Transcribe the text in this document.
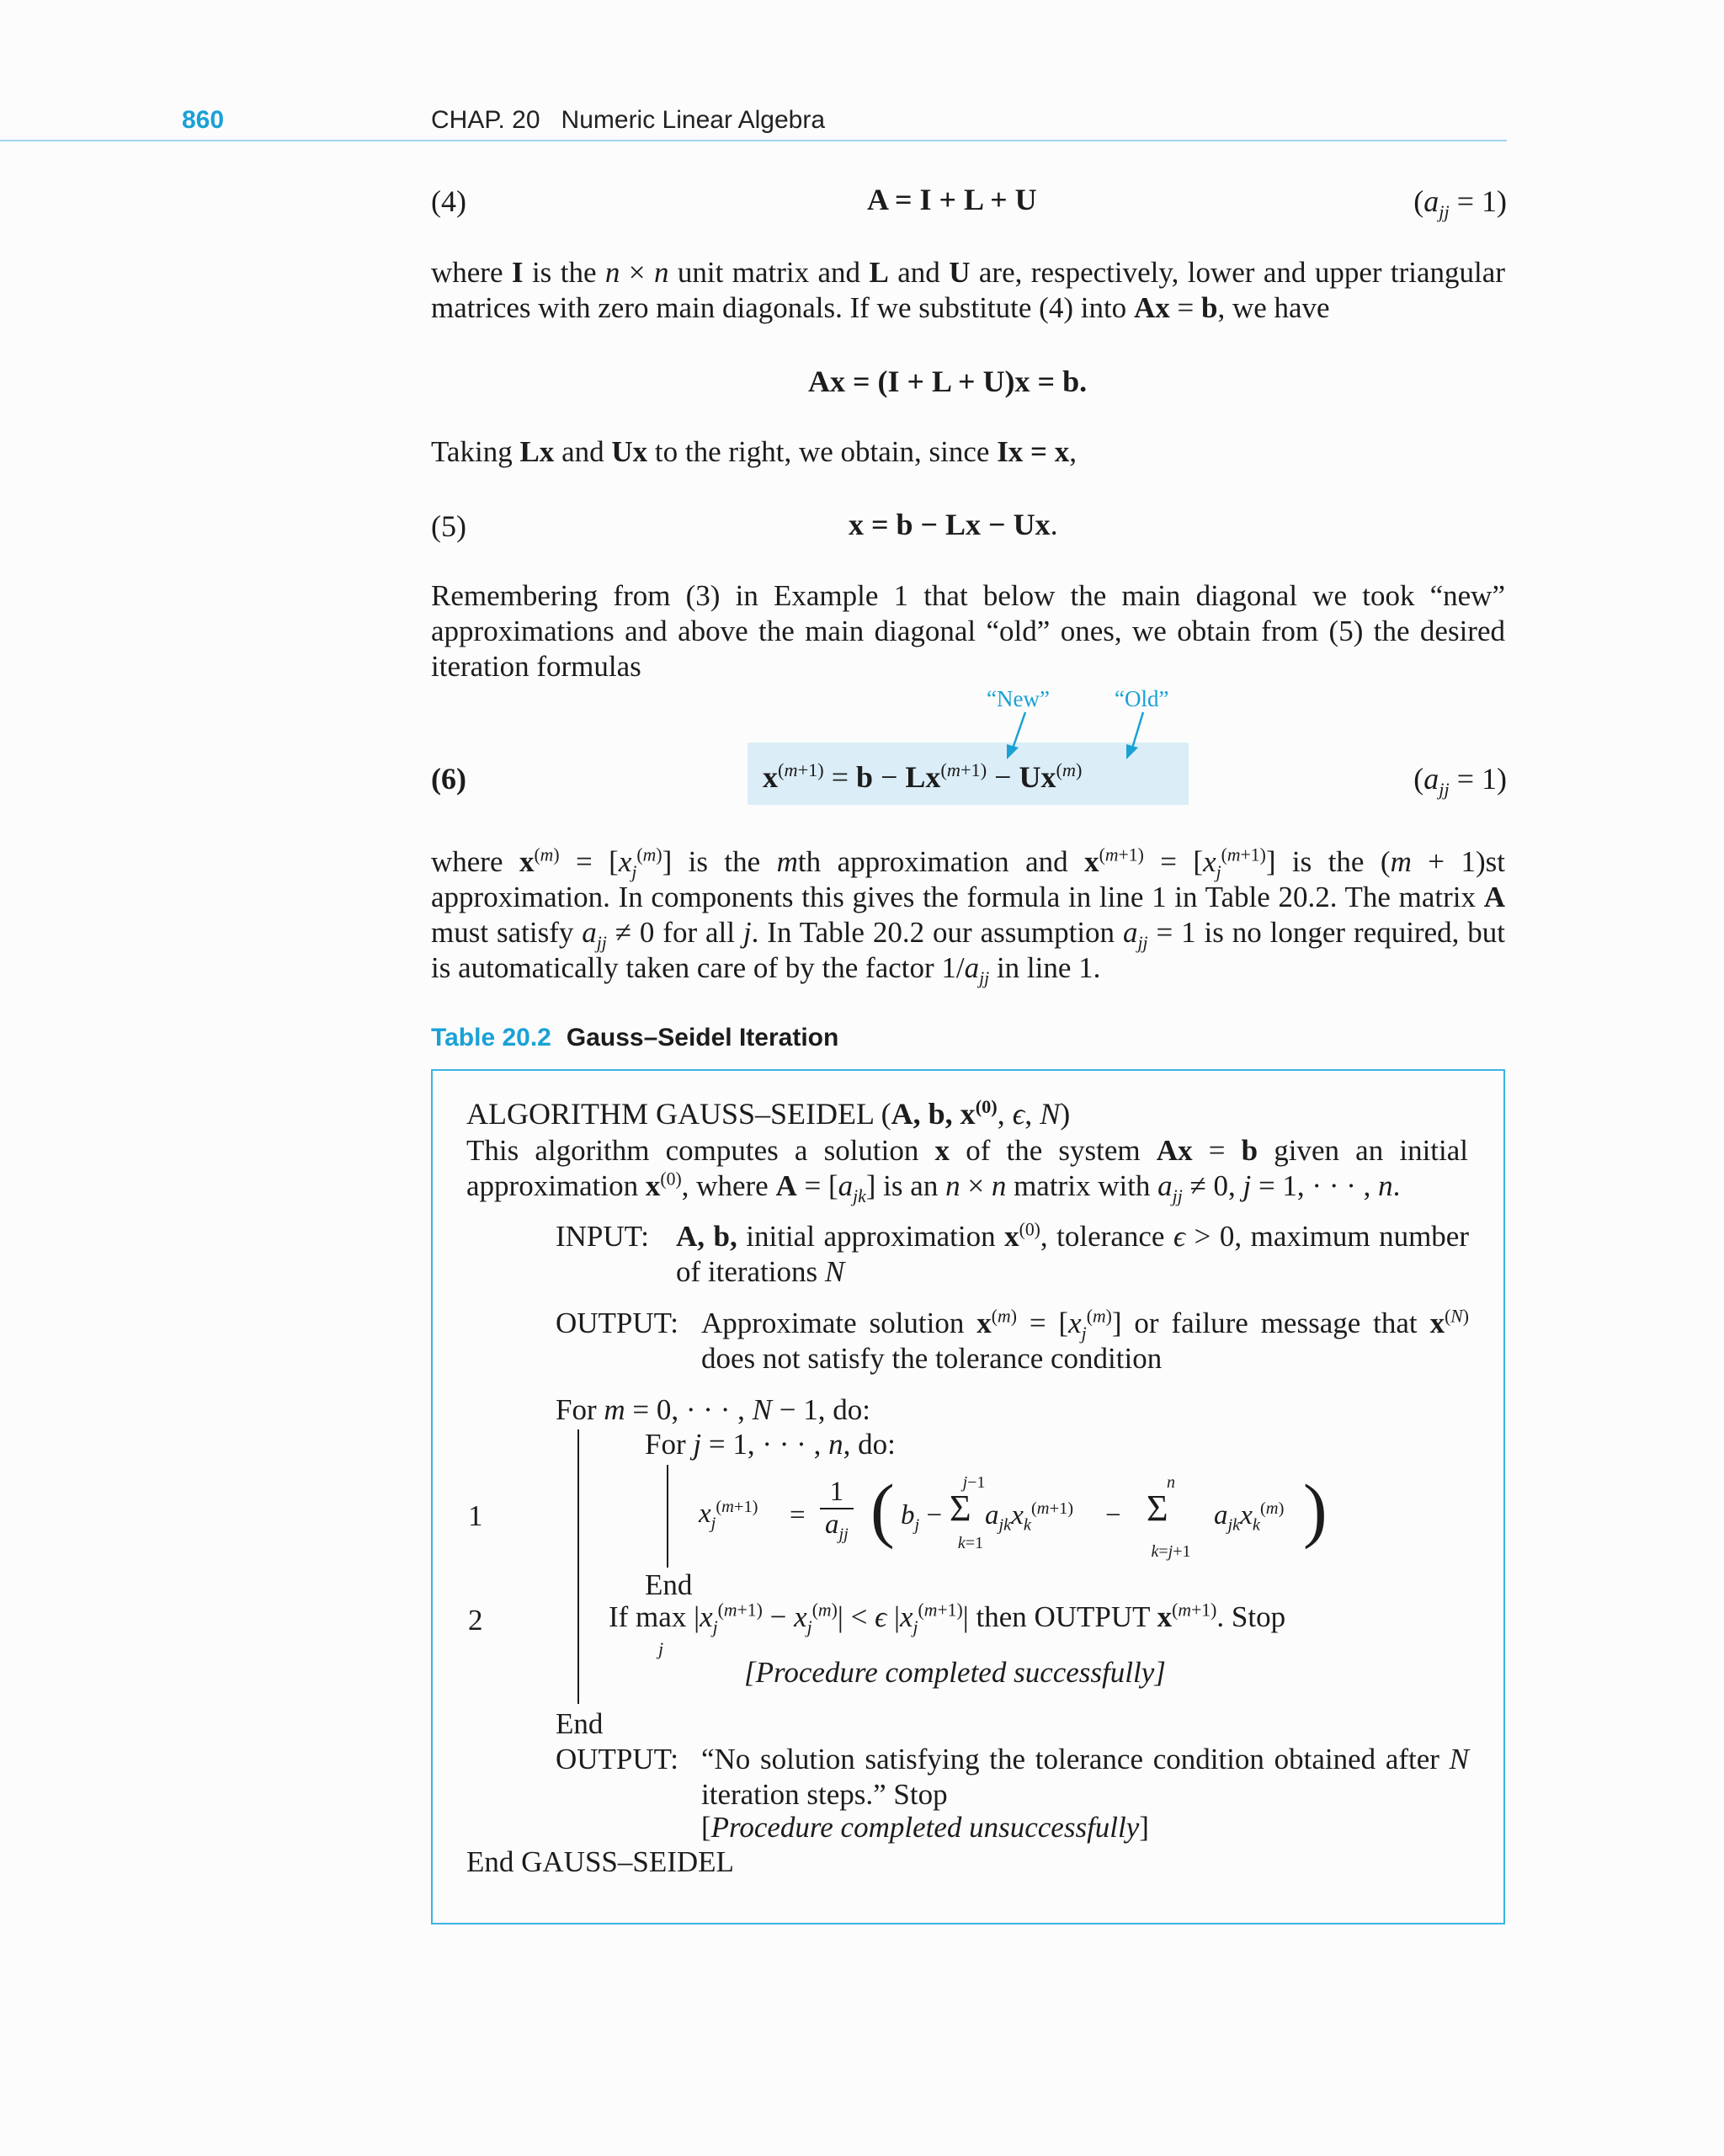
860	CHAP. 20 Numeric Linear Algebra
(4)	A = I + L + U	$(a_{jj} = 1)$
where I is the n × n unit matrix and L and U are, respectively, lower and upper triangular matrices with zero main diagonals. If we substitute (4) into Ax = b, we have
Ax = (I + L + U)x = b.
Taking Lx and Ux to the right, we obtain, since Ix = x,
(5)	x = b − Lx − Ux.
Remembering from (3) in Example 1 that below the main diagonal we took “new” approximations and above the main diagonal “old” ones, we obtain from (5) the desired iteration formulas
“New”	“Old”
(6)	$x^{(m+1)} = b - Lx^{(m+1)} - Ux^{(m)}$	$(a_{jj} = 1)$
where $x^{(m)} = [x_j^{(m)}]$ is the mth approximation and $x^{(m+1)} = [x_j^{(m+1)}]$ is the (m + 1)st approximation. In components this gives the formula in line 1 in Table 20.2. The matrix A must satisfy $a_{jj} \ne 0$ for all j. In Table 20.2 our assumption $a_{jj} = 1$ is no longer required, but is automatically taken care of by the factor $1/a_{jj}$ in line 1.
Table 20.2 Gauss–Seidel Iteration
ALGORITHM GAUSS–SEIDEL (A, b, $x^{(0)}$, ϵ, N)
This algorithm computes a solution x of the system Ax = b given an initial approximation $x^{(0)}$, where $A = [a_{jk}]$ is an n × n matrix with $a_{jj} \ne 0$, j = 1, · · · , n.
INPUT: A, b, initial approximation $x^{(0)}$, tolerance ϵ > 0, maximum number of iterations N
OUTPUT: Approximate solution $x^{(m)} = [x_j^{(m)}]$ or failure message that $x^{(N)}$ does not satisfy the tolerance condition
For m = 0, · · · , N − 1, do:
For j = 1, · · · , n, do:
1	$x_j^{(m+1)}$ =
1
$a_{jj}$ ( $b_j$ −
j−1
Σ
k=1
$a_{jk}x_k^{(m+1)}$ −
n
Σ
k=j+1
$a_{jk}x_k^{(m)}$ )
End
2	If $\max |x_j^{(m+1)} - x_j^{(m)}| < \epsilon$ $|x_j^{(m+1)}|$ then OUTPUT $x^{(m+1)}$. Stop
j
[Procedure completed successfully]
End
OUTPUT: “No solution satisfying the tolerance condition obtained after N iteration steps.” Stop
[Procedure completed unsuccessfully]
End GAUSS–SEIDEL
